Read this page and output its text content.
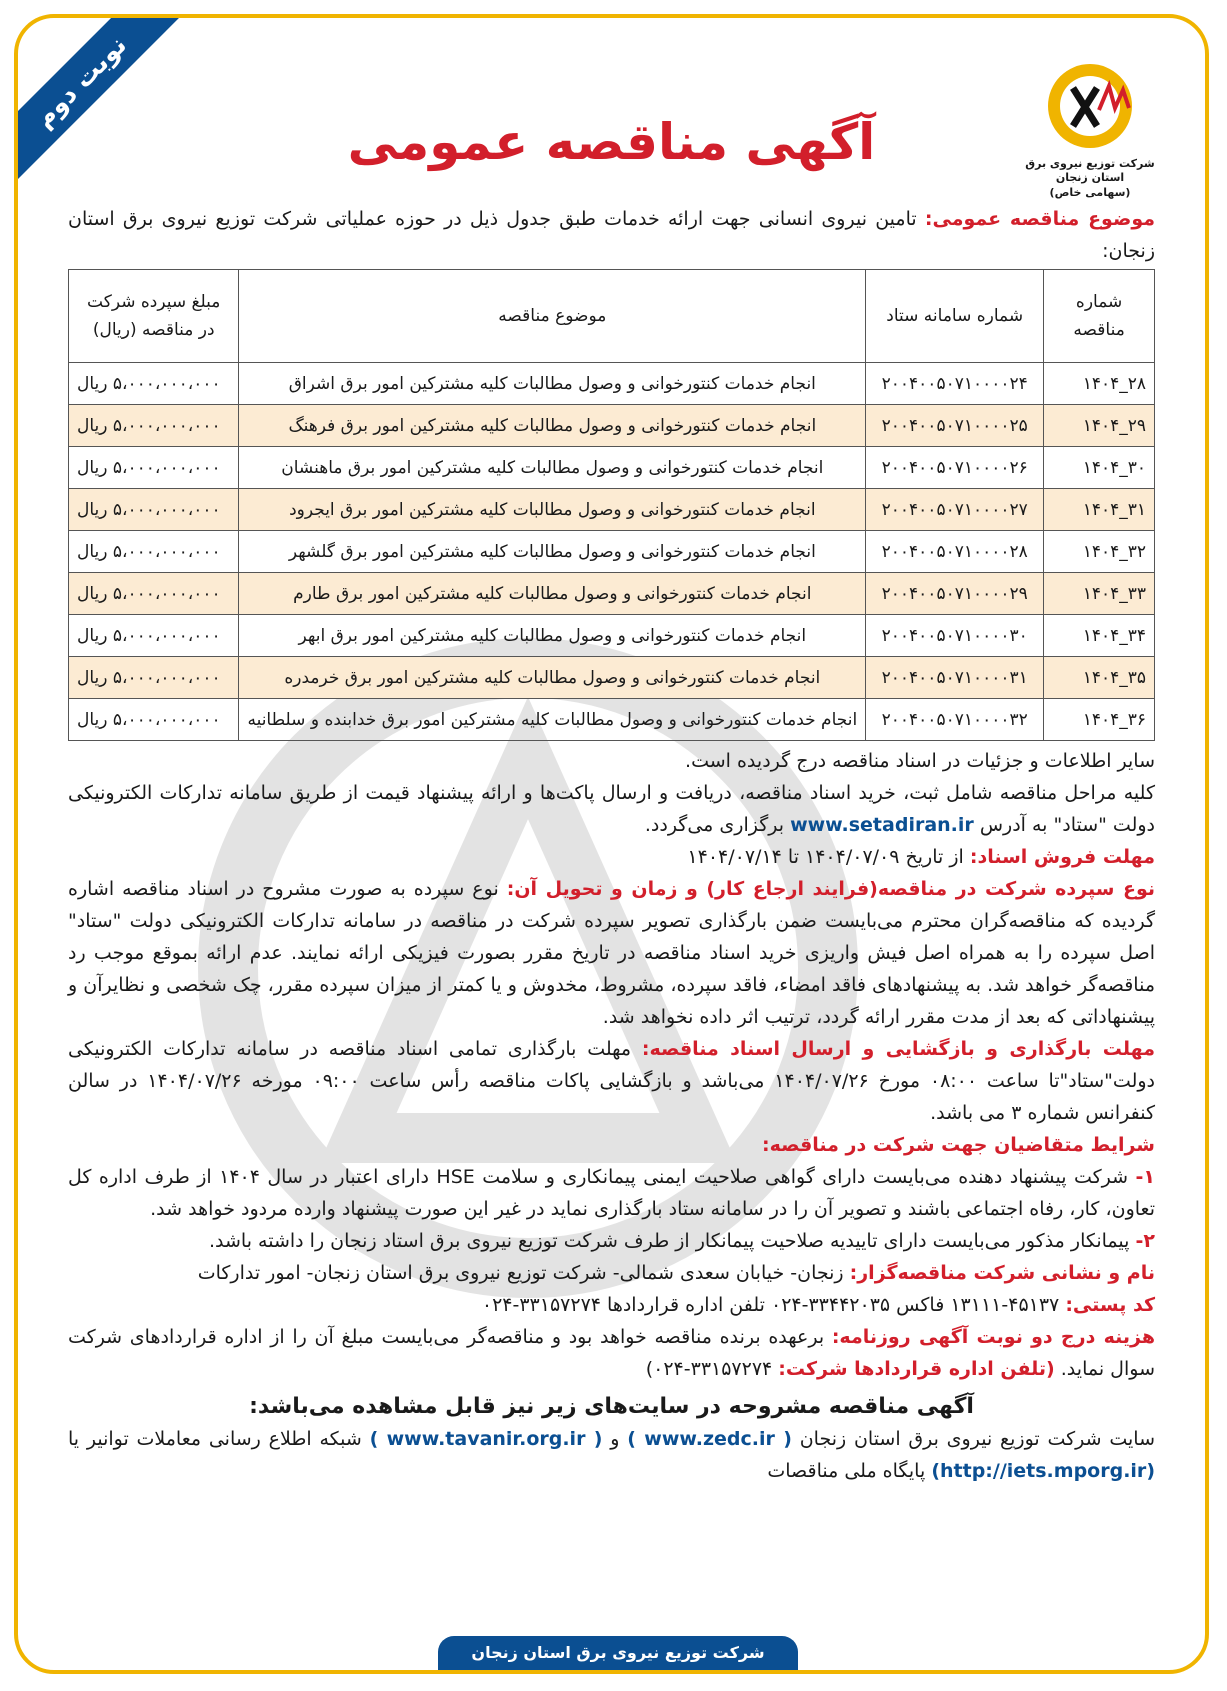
نوبت دوم
شرکت توزیع نیروی برق استان زنجان
(سهامی خاص)
آگهی مناقصه عمومی

موضوع مناقصه عمومی: تامین نیروی انسانی جهت ارائه خدمات طبق جدول ذیل در حوزه عملیاتی شرکت توزیع نیروی برق استان زنجان:

شماره مناقصه	شماره سامانه ستاد	موضوع مناقصه	مبلغ سپرده شرکت در مناقصه (ریال)
۲۸_۱۴۰۴	۲۰۰۴۰۰۵۰۷۱۰۰۰۰۲۴	انجام خدمات کنتورخوانی و وصول مطالبات کلیه مشترکین امور برق اشراق	۵،۰۰۰،۰۰۰،۰۰۰ ریال
۲۹_۱۴۰۴	۲۰۰۴۰۰۵۰۷۱۰۰۰۰۲۵	انجام خدمات کنتورخوانی و وصول مطالبات کلیه مشترکین امور برق فرهنگ	۵،۰۰۰،۰۰۰،۰۰۰ ریال
۳۰_۱۴۰۴	۲۰۰۴۰۰۵۰۷۱۰۰۰۰۲۶	انجام خدمات کنتورخوانی و وصول مطالبات کلیه مشترکین امور برق ماهنشان	۵،۰۰۰،۰۰۰،۰۰۰ ریال
۳۱_۱۴۰۴	۲۰۰۴۰۰۵۰۷۱۰۰۰۰۲۷	انجام خدمات کنتورخوانی و وصول مطالبات کلیه مشترکین امور برق ایجرود	۵،۰۰۰،۰۰۰،۰۰۰ ریال
۳۲_۱۴۰۴	۲۰۰۴۰۰۵۰۷۱۰۰۰۰۲۸	انجام خدمات کنتورخوانی و وصول مطالبات کلیه مشترکین امور برق گلشهر	۵،۰۰۰،۰۰۰،۰۰۰ ریال
۳۳_۱۴۰۴	۲۰۰۴۰۰۵۰۷۱۰۰۰۰۲۹	انجام خدمات کنتورخوانی و وصول مطالبات کلیه مشترکین امور برق طارم	۵،۰۰۰،۰۰۰،۰۰۰ ریال
۳۴_۱۴۰۴	۲۰۰۴۰۰۵۰۷۱۰۰۰۰۳۰	انجام خدمات کنتورخوانی و وصول مطالبات کلیه مشترکین امور برق ابهر	۵،۰۰۰،۰۰۰،۰۰۰ ریال
۳۵_۱۴۰۴	۲۰۰۴۰۰۵۰۷۱۰۰۰۰۳۱	انجام خدمات کنتورخوانی و وصول مطالبات کلیه مشترکین امور برق خرمدره	۵،۰۰۰،۰۰۰،۰۰۰ ریال
۳۶_۱۴۰۴	۲۰۰۴۰۰۵۰۷۱۰۰۰۰۳۲	انجام خدمات کنتورخوانی و وصول مطالبات کلیه مشترکین امور برق خدابنده و سلطانیه	۵،۰۰۰،۰۰۰،۰۰۰ ریال

سایر اطلاعات و جزئیات در اسناد مناقصه درج گردیده است.

کلیه مراحل مناقصه شامل ثبت، خرید اسناد مناقصه، دریافت و ارسال پاکت‌ها و ارائه پیشنهاد قیمت از طریق سامانه تدارکات الکترونیکی دولت "ستاد" به آدرس www.setadiran.ir برگزاری می‌گردد.

مهلت فروش اسناد: از تاریخ ۱۴۰۴/۰۷/۰۹ تا ۱۴۰۴/۰۷/۱۴

نوع سپرده شرکت در مناقصه(فرایند ارجاع کار) و زمان و تحویل آن: نوع سپرده به صورت مشروح در اسناد مناقصه اشاره گردیده که مناقصه‌گران محترم می‌بایست ضمن بارگذاری تصویر سپرده شرکت در مناقصه در سامانه تدارکات الکترونیکی دولت "ستاد" اصل سپرده را به همراه اصل فیش واریزی خرید اسناد مناقصه در تاریخ مقرر بصورت فیزیکی ارائه نمایند. عدم ارائه بموقع موجب رد مناقصه‌گر خواهد شد. به پیشنهادهای فاقد امضاء، فاقد سپرده، مشروط، مخدوش و یا کمتر از میزان سپرده مقرر، چک شخصی و نظایرآن و پیشنهاداتی که بعد از مدت مقرر ارائه گردد، ترتیب اثر داده نخواهد شد.

مهلت بارگذاری و بازگشایی و ارسال اسناد مناقصه: مهلت بارگذاری تمامی اسناد مناقصه در سامانه تدارکات الکترونیکی دولت"ستاد"تا ساعت ۰۸:۰۰ مورخ ۱۴۰۴/۰۷/۲۶ می‌باشد و بازگشایی پاکات مناقصه رأس ساعت ۰۹:۰۰ مورخه ۱۴۰۴/۰۷/۲۶ در سالن کنفرانس شماره ۳ می باشد.

شرایط متقاضیان جهت شرکت در مناقصه:

۱- شرکت پیشنهاد دهنده می‌بایست دارای گواهی صلاحیت ایمنی پیمانکاری و سلامت HSE دارای اعتبار در سال ۱۴۰۴ از طرف اداره کل تعاون، کار، رفاه اجتماعی باشند و تصویر آن را در سامانه ستاد بارگذاری نماید در غیر این صورت پیشنهاد وارده مردود خواهد شد.

۲- پیمانکار مذکور می‌بایست دارای تاییدیه صلاحیت پیمانکار از طرف شرکت توزیع نیروی برق استاد زنجان را داشته باشد.

نام و نشانی شرکت مناقصه‌گزار: زنجان- خیابان سعدی شمالی- شرکت توزیع نیروی برق استان زنجان- امور تدارکات

کد پستی: ۴۵۱۳۷-۱۳۱۱۱ فاکس ۳۳۴۴۲۰۳۵-۰۲۴ تلفن اداره قراردادها ۳۳۱۵۷۲۷۴-۰۲۴

هزینه درج دو نوبت آگهی روزنامه: برعهده برنده مناقصه خواهد بود و مناقصه‌گر می‌بایست مبلغ آن را از اداره قراردادهای شرکت سوال نماید. (تلفن اداره قراردادها شرکت: ۳۳۱۵۷۲۷۴-۰۲۴)

آگهی مناقصه مشروحه در سایت‌های زیر نیز قابل مشاهده می‌باشد:

سایت شرکت توزیع نیروی برق استان زنجان ( www.zedc.ir ) و ( www.tavanir.org.ir ) شبکه اطلاع رسانی معاملات توانیر یا (http://iets.mporg.ir) پایگاه ملی مناقصات

شرکت توزیع نیروی برق استان زنجان
